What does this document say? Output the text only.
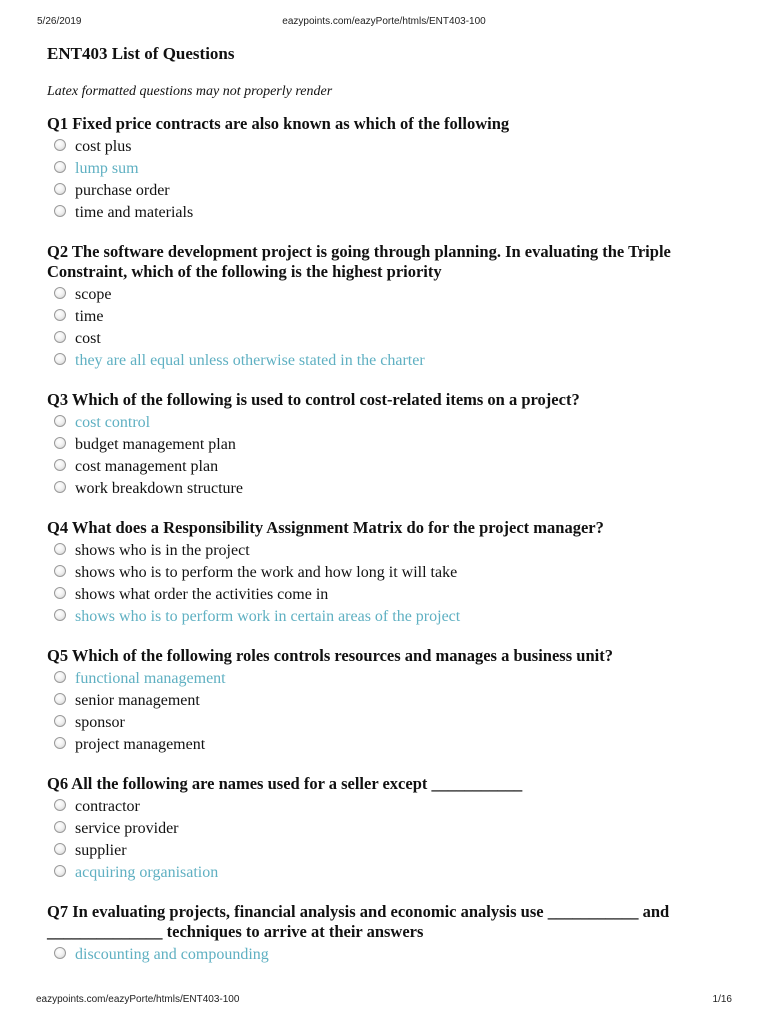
5/26/2019	eazypoints.com/eazyPorte/htmls/ENT403-100
ENT403 List of Questions
Latex formatted questions may not properly render
Q1 Fixed price contracts are also known as which of the following
cost plus
lump sum
purchase order
time and materials
Q2 The software development project is going through planning. In evaluating the Triple Constraint, which of the following is the highest priority
scope
time
cost
they are all equal unless otherwise stated in the charter
Q3 Which of the following is used to control cost-related items on a project?
cost control
budget management plan
cost management plan
work breakdown structure
Q4 What does a Responsibility Assignment Matrix do for the project manager?
shows who is in the project
shows who is to perform the work and how long it will take
shows what order the activities come in
shows who is to perform work in certain areas of the project
Q5 Which of the following roles controls resources and manages a business unit?
functional management
senior management
sponsor
project management
Q6 All the following are names used for a seller except ___________
contractor
service provider
supplier
acquiring organisation
Q7 In evaluating projects, financial analysis and economic analysis use ___________ and ______________ techniques to arrive at their answers
discounting and compounding
eazypoints.com/eazyPorte/htmls/ENT403-100	1/16
